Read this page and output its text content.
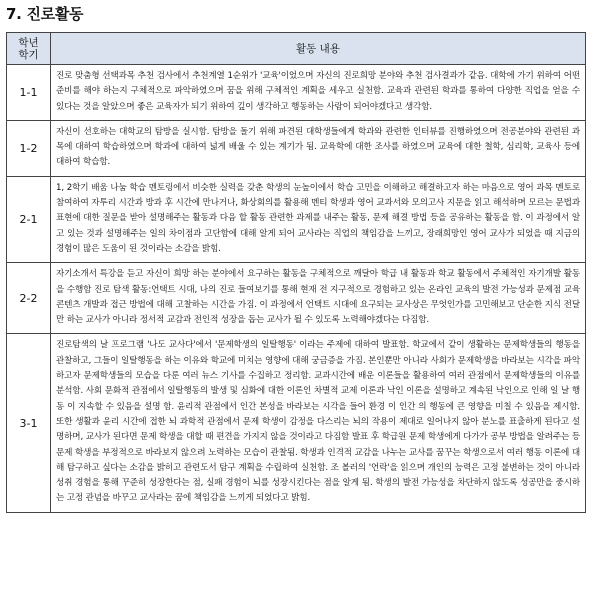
7. 진로활동
학년
학기	활동 내용
1-1	진로 맞춤형 선택과목 추천 검사에서 추천계열 1순위가 '교육'이었으며 자신의 진로희망 분야와 추천 검사결과가 같음. 대학에 가기 위하여 어떤 준비를 해야 하는지 구체적으로 파악하였으며 꿈을 위해 구체적인 계획을 세우고 실천함. 교육과 관련된 학과를 통하여 다양한 직업을 얻을 수 있다는 것을 알았으며 좋은 교육자가 되기 위하여 깊이 생각하고 행동하는 사람이 되어야겠다고 생각함.
1-2	자신이 선호하는 대학교의 탐방을 실시함. 탐방을 돌기 위해 파견된 대학생들에게 학과와 관련한 인터뷰를 진행하였으며 전공분야와 관련된 과목에 대하여 학습하였으며 학과에 대하여 넓게 배울 수 있는 계기가 됨. 교육학에 대한 조사를 하였으며 교육에 대한 철학, 심리학, 교육사 등에 대하여 학습함.
2-1	1, 2학기 배움 나눔 학습 멘토링에서 비슷한 실력을 갖춘 학생의 눈높이에서 학습 고민을 이해하고 해결하고자 하는 마음으로 영어 과목 멘토로 참여하여 자투리 시간과 방과 후 시간에 만나거나, 화상회의를 활용해 멘티 학생과 영어 교과서와 모의고사 지문을 읽고 해석하며 모르는 문법과 표현에 대한 질문을 받아 설명해주는 활동과 다음 할 활동 관련한 과제를 내주는 활동, 문제 해결 방법 등을 공유하는 활동을 함. 이 과정에서 알고 있는 것과 설명해주는 일의 차이점과 고단함에 대해 알게 되어 교사라는 직업의 책임감을 느끼고, 장래희망인 영어 교사가 되었을 때 지금의 경험이 많은 도움이 된 것이라는 소감을 밝힘.
2-2	자기소개서 특강을 듣고 자신이 희망 하는 분야에서 요구하는 활동을 구체적으로 깨달아 학급 내 활동과 학교 활동에서 주체적인 자기개발 활동을 수행함 진로 탐색 활동:언택트 시대, 나의 진로 들여보기를 통해 현재 전 지구적으로 경험하고 있는 온라인 교육의 발전 가능성과 문제점 교육 콘텐츠 개발과 접근 방법에 대해 고찰하는 시간을 가짐. 이 과정에서 언택트 시대에 요구되는 교사상은 무엇인가를 고민해보고 단순한 지식 전달 만 하는 교사가 아니라 정서적 교감과 전인적 성장을 돕는 교사가 될 수 있도록 노력해야겠다는 다짐함.
3-1	진로탐색의 날 프로그램 '나도 교사다'에서 '문제학생의 일탈행동' 이라는 주제에 대하여 발표함. 학교에서 같이 생활하는 문제학생들의 행동을 관찰하고, 그들이 일탈행동을 하는 이유와 학교에 미치는 영향에 대해 궁금증을 가짐. 본인뿐만 아니라 사회가 문제학생을 바라보는 시각을 파악하고자 문제학생들의 모습을 다룬 여러 뉴스 기사를 수집하고 정리함. 교과시간에 배운 이론들을 활용하여 여러 관점에서 문제학생들의 이유를 분석함. 사회 문화적 관점에서 일탈행동의 발생 및 심화에 대한 이론인 차별적 교제 이론과 낙인 이론을 설명하고 계속된 낙인으로 인해 일 날 행동 이 지속할 수 있음을 설명 함. 윤리적 관점에서 인간 본성을 바라보는 시각을 들어 환경 이 인간 의 행동에 큰 영향을 미칠 수 있음을 제시함. 또한 생활과 윤리 시간에 접한 뇌 과학적 관점에서 문제 학생이 감정을 다스리는 뇌의 작용이 제대로 일어나지 않아 분노를 표출하게 된다고 설명하며, 교사가 된다면 문제 학생을 대할 때 편견을 가지지 않을 것이라고 다짐함 발표 후 학급원 문제 학생에게 다가가 공부 방법을 알려주는 등 문제 학생을 부정적으로 바라보지 않으려 노력하는 모습이 관찰됨. 학생과 인격적 교감을 나누는 교사를 꿈꾸는 학생으로서 여러 행동 이론에 대해 탐구하고 싶다는 소감을 밝히고 관련도서 탐구 계획을 수립하여 실천함. 조 볼러의 '언락'을 읽으며 개인의 능력은 고정 불변하는 것이 아니라 성취 경험을 통해 꾸준히 성장한다는 점, 실패 경험이 뇌를 성장시킨다는 점을 알게 됨. 학생의 발전 가능성을 차단하지 않도록 성공만을 중시하는 고정 관념을 바꾸고 교사라는 꿈에 책임감을 느끼게 되었다고 밝힘.
